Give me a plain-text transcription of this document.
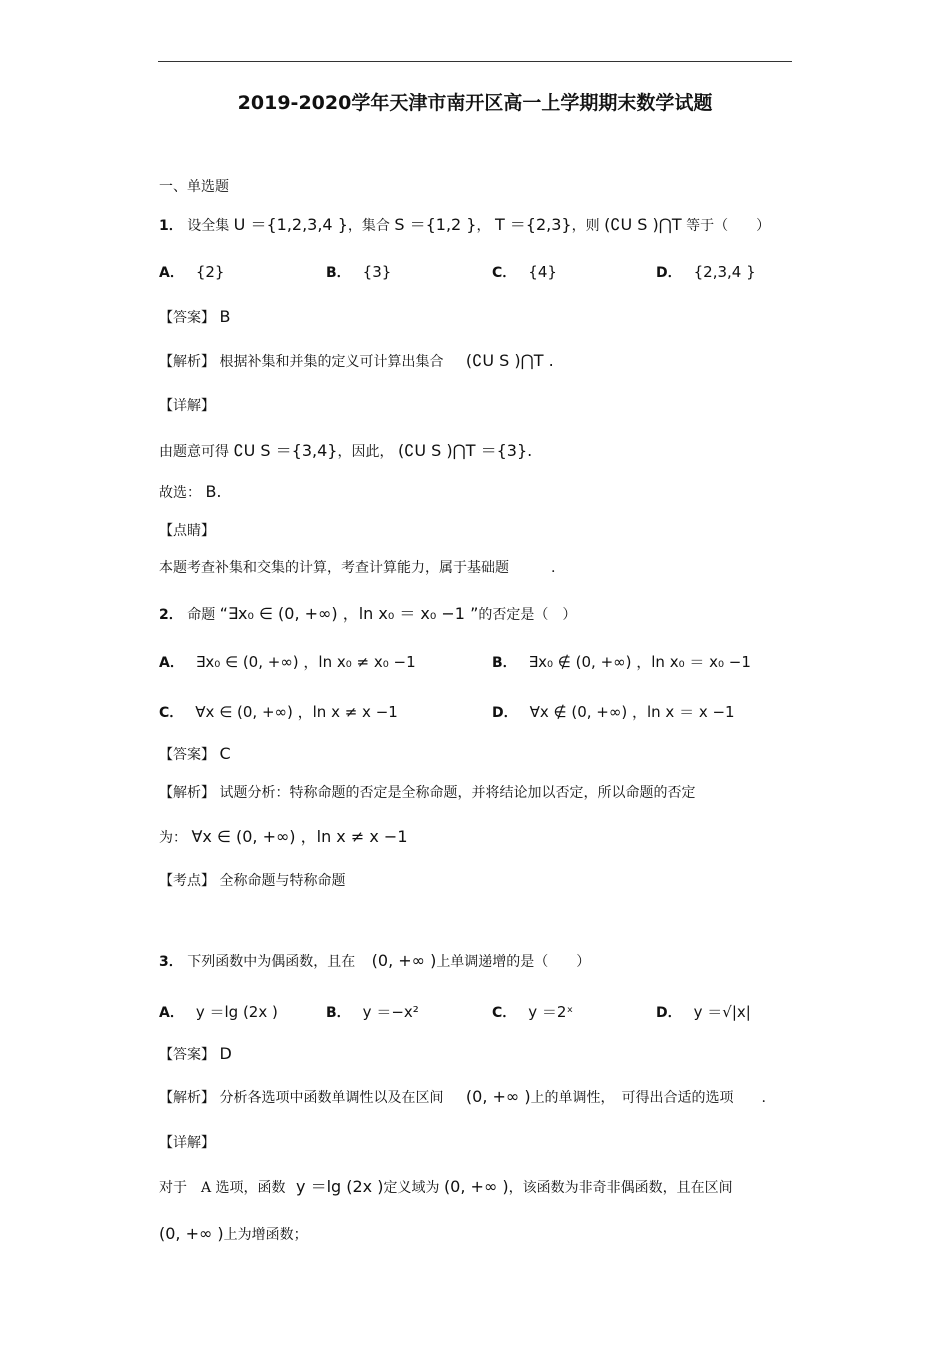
2019-2020学年天津市南开区高一上学期期末数学试题
一、单选题
1． 设全集 U ＝{1,2,3,4 }，集合 S ＝{1,2 }， T ＝{2,3}，则 (∁U S )⋂T 等于（　　）
A． {2}	B． {3}	C． {4}	D． {2,3,4 }
【答案】 B
【解析】 根据补集和并集的定义可计算出集合 (∁U S )⋂T .
【详解】
由题意可得 ∁U S ＝{3,4}，因此， (∁U S )⋂T ＝{3}.
故选： B.
【点睛】
本题考查补集和交集的计算，考查计算能力，属于基础题　　　.
2． 命题 “∃x₀ ∈ (0, +∞) ，ln x₀ ＝ x₀ −1 ”的否定是（　）
A． ∃x₀ ∈ (0, +∞) ，ln x₀ ≠ x₀ −1	B． ∃x₀ ∉ (0, +∞) ，ln x₀ ＝ x₀ −1
C． ∀x ∈ (0, +∞) ，ln x ≠ x −1	D． ∀x ∉ (0, +∞) ，ln x ＝ x −1
【答案】 C
【解析】 试题分析：特称命题的否定是全称命题，并将结论加以否定，所以命题的否定
为： ∀x ∈ (0, +∞) ，ln x ≠ x −1
【考点】 全称命题与特称命题
3． 下列函数中为偶函数，且在 (0, +∞ )上单调递增的是（　　）
A． y ＝lg (2x )	B． y ＝−x²	C． y ＝2ˣ	D． y ＝√|x|
【答案】 D
【解析】 分析各选项中函数单调性以及在区间 (0, +∞ )上的单调性，　可得出合适的选项　　.
【详解】
对于　A 选项，函数 y ＝lg (2x )定义域为 (0, +∞ )，该函数为非奇非偶函数，且在区间
(0, +∞ )上为增函数；
